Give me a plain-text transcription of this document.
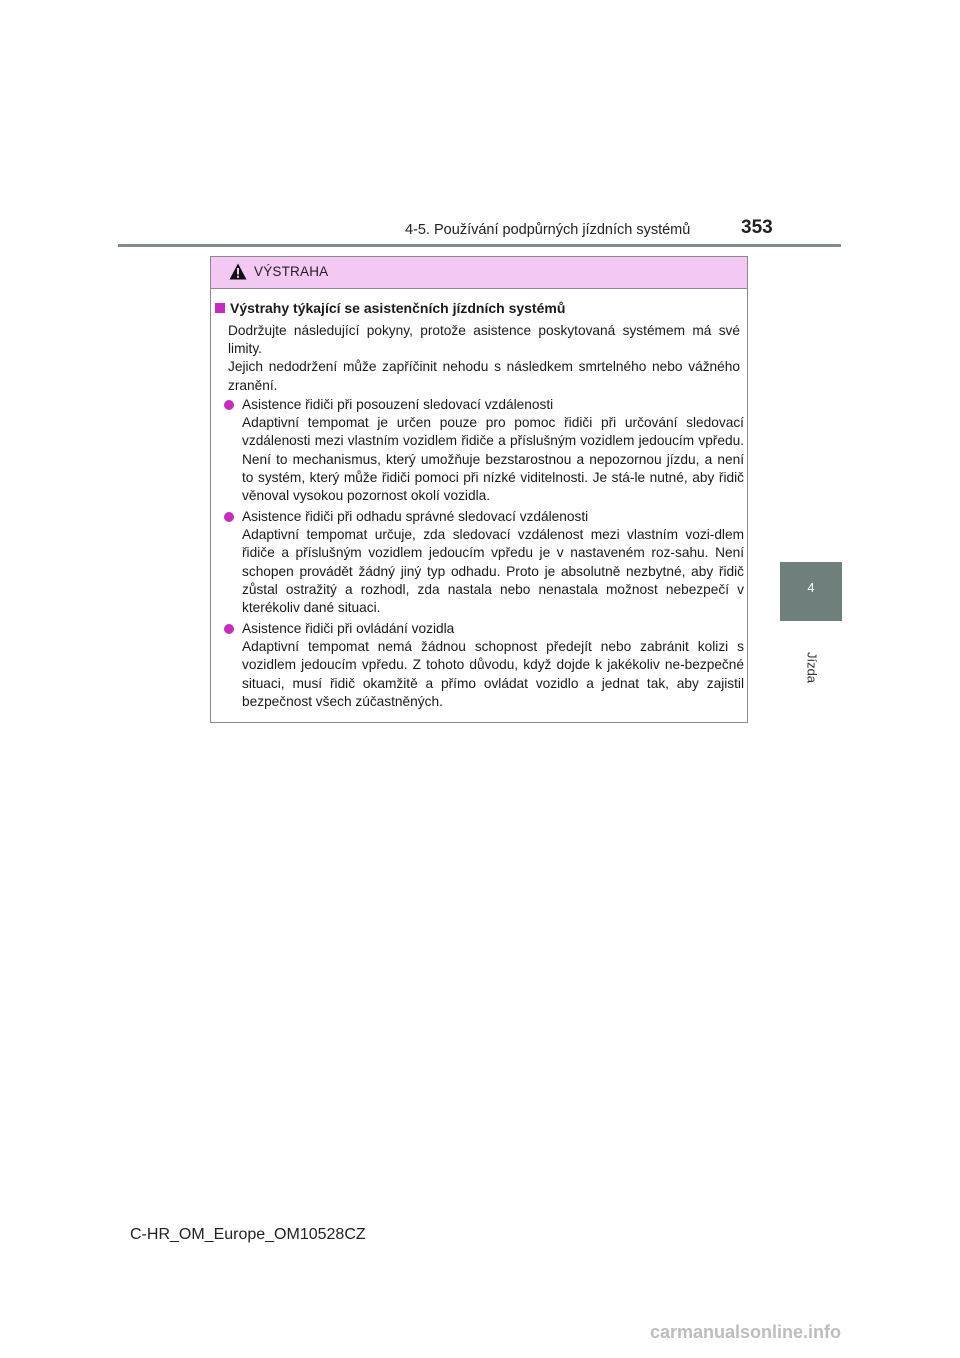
4-5. Používání podpůrných jízdních systémů	353
4
Jízda
VÝSTRAHA
Výstrahy týkající se asistenčních jízdních systémů

Dodržujte následující pokyny, protože asistence poskytovaná systémem má své limity.

Jejich nedodržení může zapříčinit nehodu s následkem smrtelného nebo vážného zranění.

Asistence řidiči při posouzení sledovací vzdálenosti
Adaptivní tempomat je určen pouze pro pomoc řidiči při určování sledovací vzdálenosti mezi vlastním vozidlem řidiče a příslušným vozidlem jedoucím vpředu. Není to mechanismus, který umožňuje bezstarostnou a nepozornou jízdu, a není to systém, který může řidiči pomoci při nízké viditelnosti. Je stá-le nutné, aby řidič věnoval vysokou pozornost okolí vozidla.
Asistence řidiči při odhadu správné sledovací vzdálenosti
Adaptivní tempomat určuje, zda sledovací vzdálenost mezi vlastním vozi-dlem řidiče a příslušným vozidlem jedoucím vpředu je v nastaveném roz-sahu. Není schopen provádět žádný jiný typ odhadu. Proto je absolutně nezbytné, aby řidič zůstal ostražitý a rozhodl, zda nastala nebo nenastala možnost nebezpečí v kterékoliv dané situaci.
Asistence řidiči při ovládání vozidla
Adaptivní tempomat nemá žádnou schopnost předejít nebo zabránit kolizi s vozidlem jedoucím vpředu. Z tohoto důvodu, když dojde k jakékoliv ne-bezpečné situaci, musí řidič okamžitě a přímo ovládat vozidlo a jednat tak, aby zajistil bezpečnost všech zúčastněných.
C-HR_OM_Europe_OM10528CZ
carmanualsonline.info
